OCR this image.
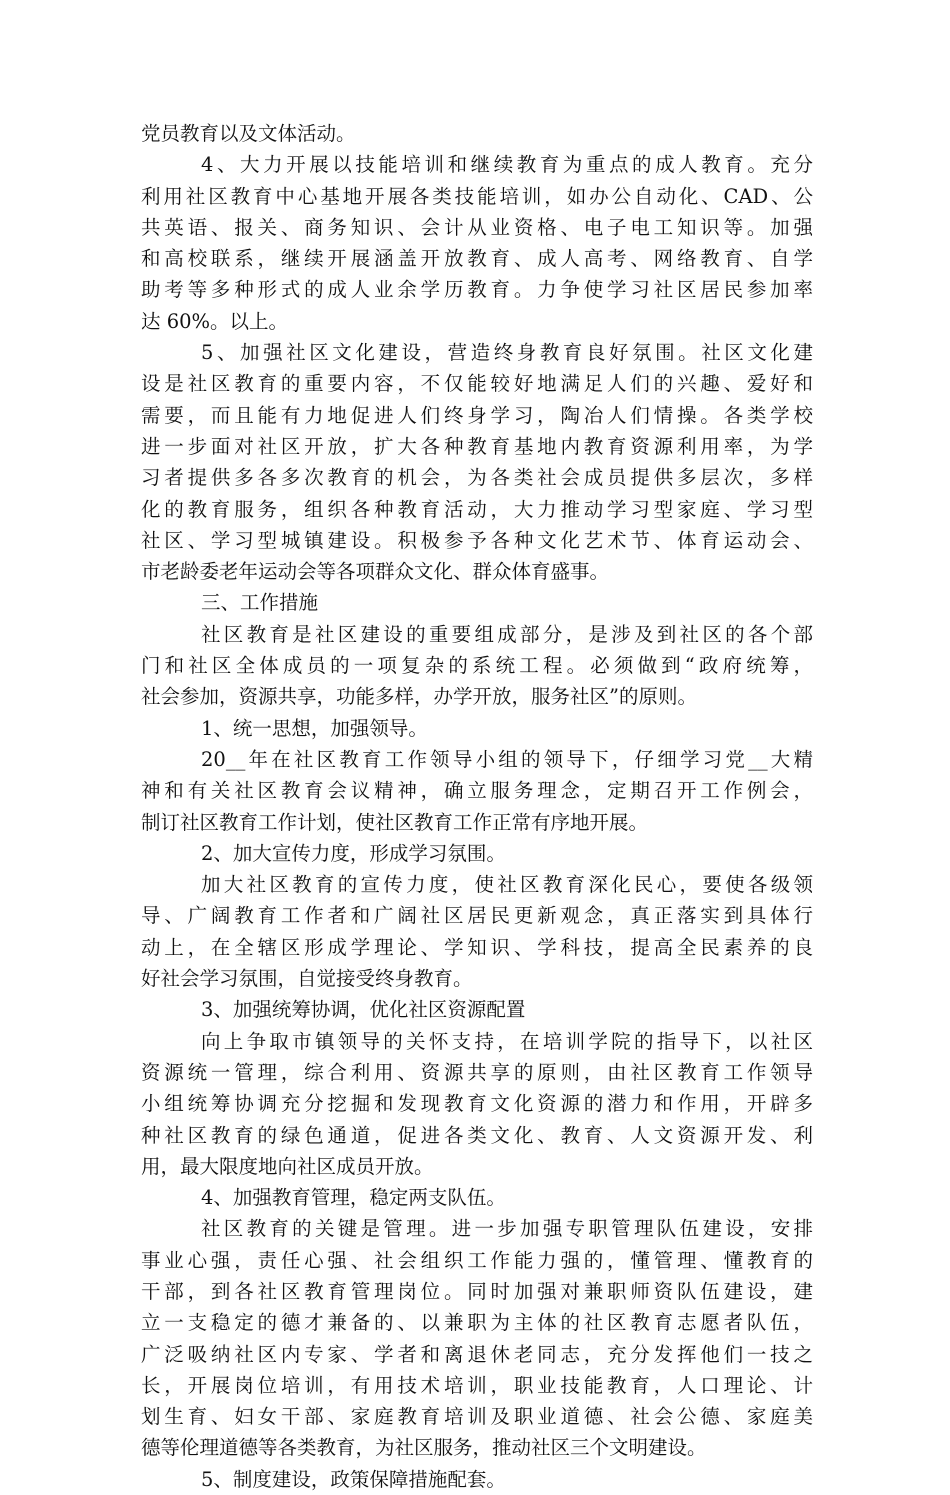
党员教育以及文体活动。
4、大力开展以技能培训和继续教育为重点的成人教育。充分
利用社区教育中心基地开展各类技能培训，如办公自动化、CAD、公
共英语、报关、商务知识、会计从业资格、电子电工知识等。加强
和高校联系，继续开展涵盖开放教育、成人高考、网络教育、自学
助考等多种形式的成人业余学历教育。力争使学习社区居民参加率
达 60%。以上。
5、加强社区文化建设，营造终身教育良好氛围。社区文化建
设是社区教育的重要内容，不仅能较好地满足人们的兴趣、爱好和
需要，而且能有力地促进人们终身学习，陶冶人们情操。各类学校
进一步面对社区开放，扩大各种教育基地内教育资源利用率，为学
习者提供多各多次教育的机会，为各类社会成员提供多层次，多样
化的教育服务，组织各种教育活动，大力推动学习型家庭、学习型
社区、学习型城镇建设。积极参予各种文化艺术节、体育运动会、
市老龄委老年运动会等各项群众文化、群众体育盛事。
三、工作措施
社区教育是社区建设的重要组成部分，是涉及到社区的各个部
门和社区全体成员的一项复杂的系统工程。必须做到“政府统筹，
社会参加，资源共享，功能多样，办学开放，服务社区”的原则。
1、统一思想，加强领导。
20__年在社区教育工作领导小组的领导下，仔细学习党__大精
神和有关社区教育会议精神，确立服务理念，定期召开工作例会，
制订社区教育工作计划，使社区教育工作正常有序地开展。
2、加大宣传力度，形成学习氛围。
加大社区教育的宣传力度，使社区教育深化民心，要使各级领
导、广阔教育工作者和广阔社区居民更新观念，真正落实到具体行
动上，在全辖区形成学理论、学知识、学科技，提高全民素养的良
好社会学习氛围，自觉接受终身教育。
3、加强统筹协调，优化社区资源配置
向上争取市镇领导的关怀支持，在培训学院的指导下，以社区
资源统一管理，综合利用、资源共享的原则，由社区教育工作领导
小组统筹协调充分挖掘和发现教育文化资源的潜力和作用，开辟多
种社区教育的绿色通道，促进各类文化、教育、人文资源开发、利
用，最大限度地向社区成员开放。
4、加强教育管理，稳定两支队伍。
社区教育的关键是管理。进一步加强专职管理队伍建设，安排
事业心强，责任心强、社会组织工作能力强的，懂管理、懂教育的
干部，到各社区教育管理岗位。同时加强对兼职师资队伍建设，建
立一支稳定的德才兼备的、以兼职为主体的社区教育志愿者队伍，
广泛吸纳社区内专家、学者和离退休老同志，充分发挥他们一技之
长，开展岗位培训，有用技术培训，职业技能教育，人口理论、计
划生育、妇女干部、家庭教育培训及职业道德、社会公德、家庭美
德等伦理道德等各类教育，为社区服务，推动社区三个文明建设。
5、制度建设，政策保障措施配套。
